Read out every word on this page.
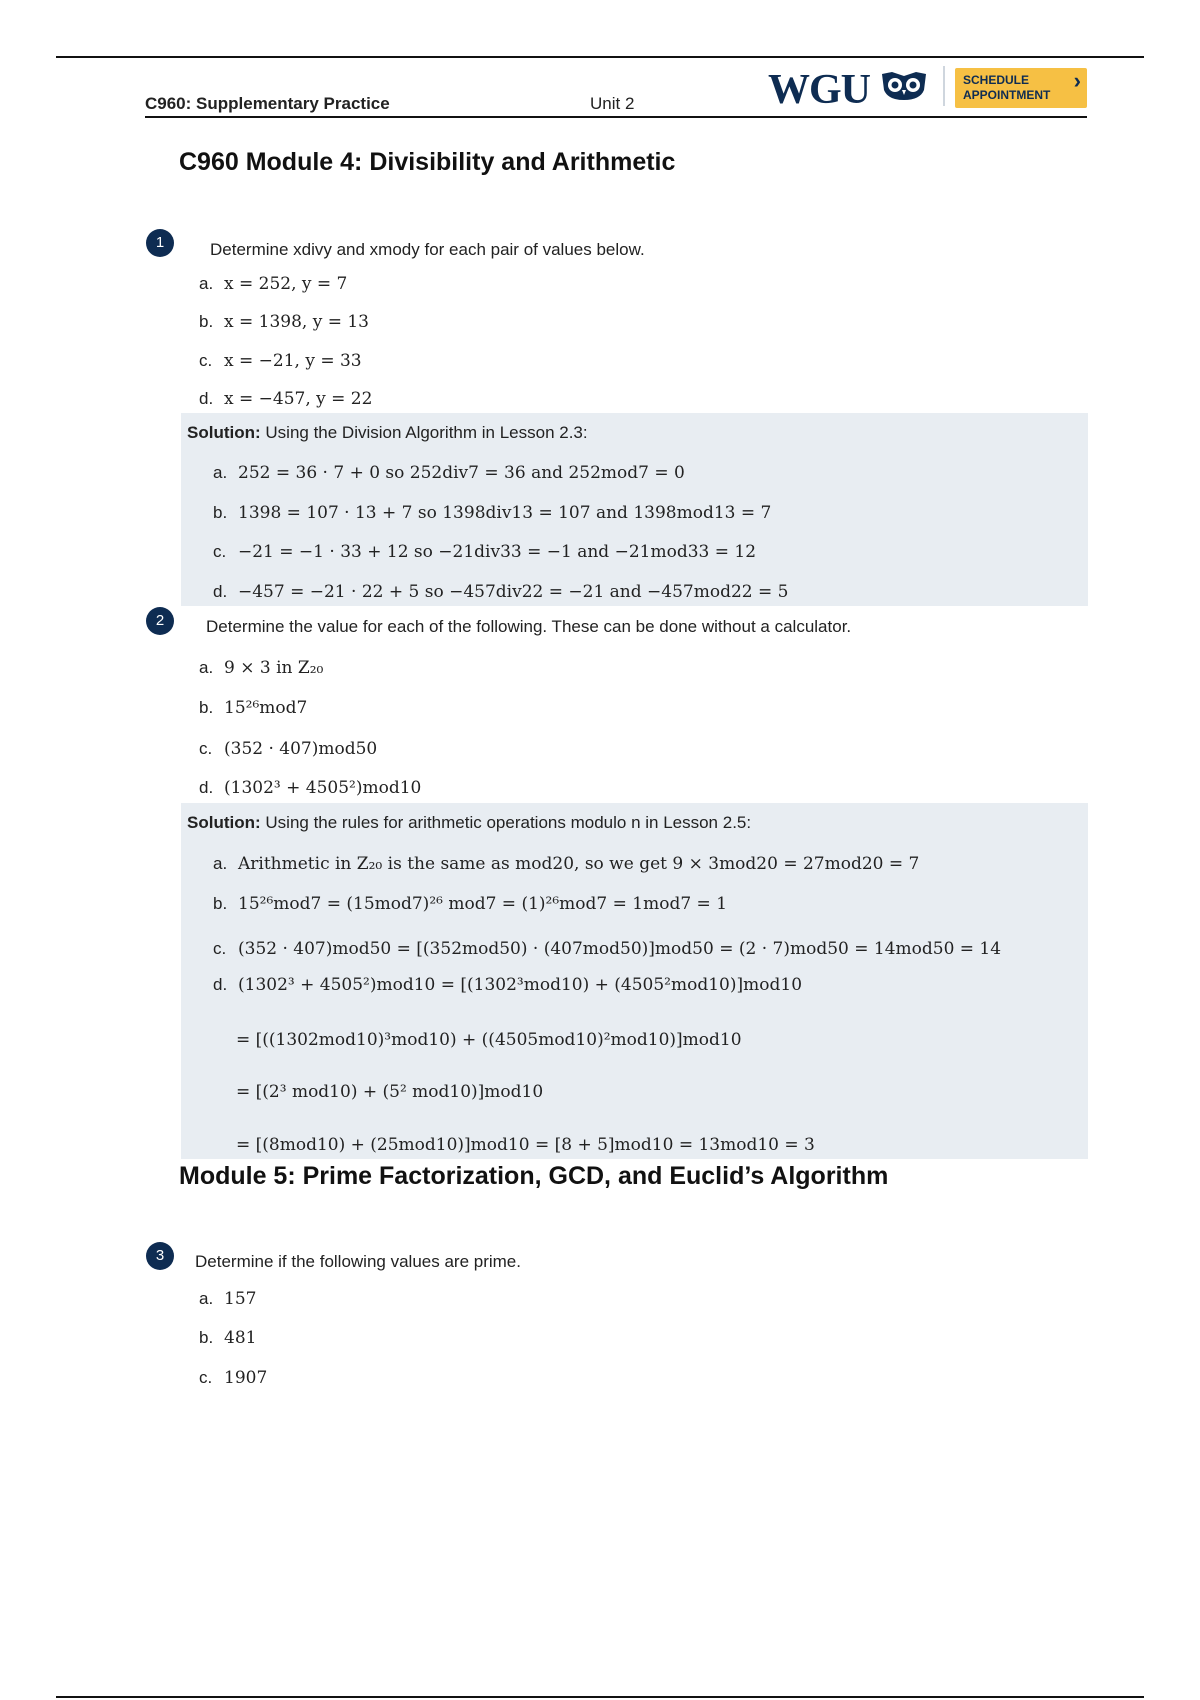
C960: Supplementary Practice	Unit 2	WGU	SCHEDULE
APPOINTMENT
›
C960 Module 4: Divisibility and Arithmetic
1	Determine xdivy and xmody for each pair of values below.
a. x = 252, y = 7
b. x = 1398, y = 13
c. x = −21, y = 33
d. x = −457, y = 22
Solution: Using the Division Algorithm in Lesson 2.3:
a. 252 = 36 · 7 + 0 so 252div7 = 36 and 252mod7 = 0
b. 1398 = 107 · 13 + 7 so 1398div13 = 107 and 1398mod13 = 7
c. −21 = −1 · 33 + 12 so −21div33 = −1 and −21mod33 = 12
d. −457 = −21 · 22 + 5 so −457div22 = −21 and −457mod22 = 5
2	Determine the value for each of the following. These can be done without a calculator.
a. 9 × 3 in Z₂₀
b. 15²⁶mod7
c. (352 · 407)mod50
d. (1302³ + 4505²)mod10
Solution: Using the rules for arithmetic operations modulo n in Lesson 2.5:
a. Arithmetic in Z₂₀ is the same as mod20, so we get 9 × 3mod20 = 27mod20 = 7
b. 15²⁶mod7 = (15mod7)²⁶ mod7 = (1)²⁶mod7 = 1mod7 = 1
c. (352 · 407)mod50 = [(352mod50) · (407mod50)]mod50 = (2 · 7)mod50 = 14mod50 = 14
d. (1302³ + 4505²)mod10 = [(1302³mod10) + (4505²mod10)]mod10
= [((1302mod10)³mod10) + ((4505mod10)²mod10)]mod10
= [(2³ mod10) + (5² mod10)]mod10
= [(8mod10) + (25mod10)]mod10 = [8 + 5]mod10 = 13mod10 = 3
Module 5: Prime Factorization, GCD, and Euclid’s Algorithm
3	Determine if the following values are prime.
a. 157
b. 481
c. 1907
